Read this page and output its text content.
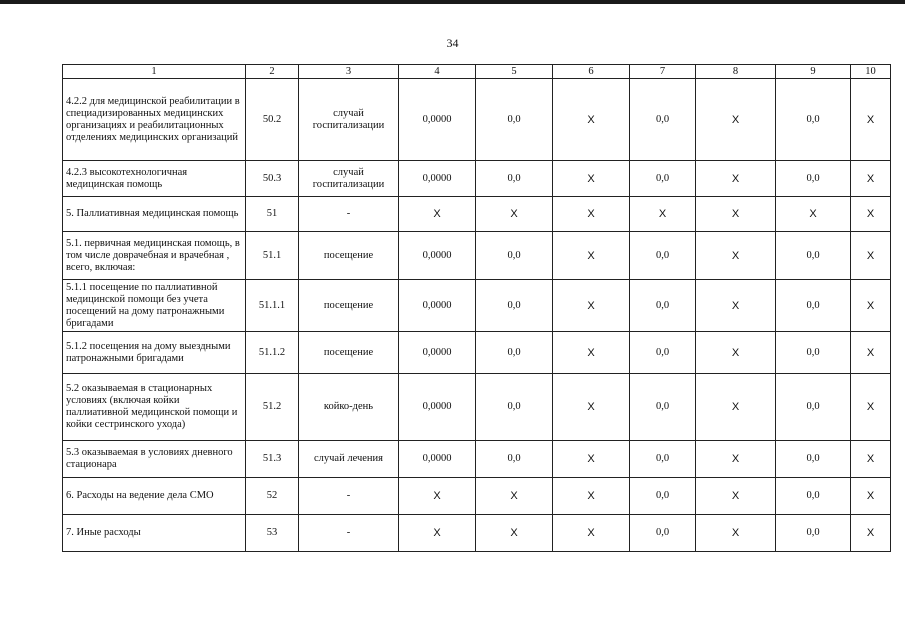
34
1	2	3	4	5	6	7	8	9	10
4.2.2 для медицинской реабилитации в специадизированных медицинских организациях и реабилитационных отделениях медицинских организаций	50.2	случай госпитализации	0,0000	0,0	Х	0,0	Х	0,0	Х
4.2.3 высокотехнологичная медицинская помощь	50.3	случай госпитализации	0,0000	0,0	Х	0,0	Х	0,0	Х
5. Паллиативная медицинская помощь	51	-	Х	Х	Х	Х	Х	Х	Х
5.1. первичная медицинская помощь, в том числе доврачебная и врачебная , всего, включая:	51.1	посещение	0,0000	0,0	Х	0,0	Х	0,0	Х
5.1.1 посещение по паллиативной медицинской помощи без учета посещений на дому патронажными бригадами	51.1.1	посещение	0,0000	0,0	Х	0,0	Х	0,0	Х
5.1.2 посещения на дому выездными патронажными бригадами	51.1.2	посещение	0,0000	0,0	Х	0,0	Х	0,0	Х
5.2 оказываемая в стационарных условиях (включая койки паллиативной медицинской помощи и койки сестринского ухода)	51.2	койко-день	0,0000	0,0	Х	0,0	Х	0,0	Х
5.3 оказываемая в условиях дневного стационара	51.3	случай лечения	0,0000	0,0	Х	0,0	Х	0,0	Х
6. Расходы на ведение дела СМО	52	-	Х	Х	Х	0,0	Х	0,0	Х
7. Иные расходы	53	-	Х	Х	Х	0,0	Х	0,0	Х
